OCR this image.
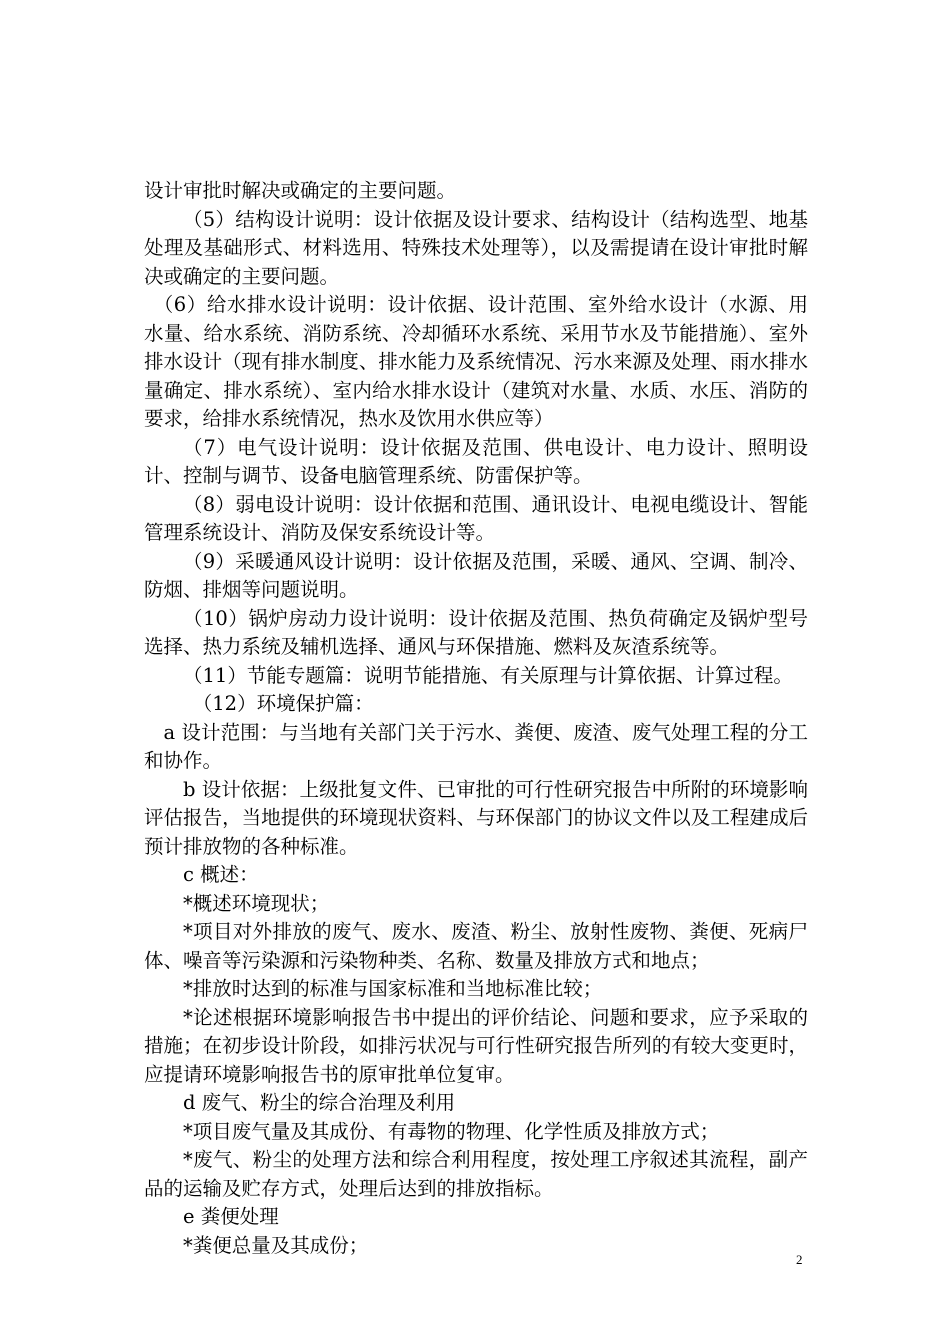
设计审批时解决或确定的主要问题。

（5）结构设计说明：设计依据及设计要求、结构设计（结构选型、地基处理及基础形式、材料选用、特殊技术处理等），以及需提请在设计审批时解决或确定的主要问题。

（6）给水排水设计说明：设计依据、设计范围、室外给水设计（水源、用水量、给水系统、消防系统、冷却循环水系统、采用节水及节能措施）、室外排水设计（现有排水制度、排水能力及系统情况、污水来源及处理、雨水排水量确定、排水系统）、室内给水排水设计（建筑对水量、水质、水压、消防的要求，给排水系统情况，热水及饮用水供应等）

（7）电气设计说明：设计依据及范围、供电设计、电力设计、照明设计、控制与调节、设备电脑管理系统、防雷保护等。

（8）弱电设计说明：设计依据和范围、通讯设计、电视电缆设计、智能管理系统设计、消防及保安系统设计等。

（9）采暖通风设计说明：设计依据及范围，采暖、通风、空调、制冷、防烟、排烟等问题说明。

（10）锅炉房动力设计说明：设计依据及范围、热负荷确定及锅炉型号选择、热力系统及辅机选择、通风与环保措施、燃料及灰渣系统等。

（11）节能专题篇：说明节能措施、有关原理与计算依据、计算过程。

（12）环境保护篇：

a 设计范围：与当地有关部门关于污水、粪便、废渣、废气处理工程的分工和协作。

b 设计依据：上级批复文件、已审批的可行性研究报告中所附的环境影响评估报告，当地提供的环境现状资料、与环保部门的协议文件以及工程建成后预计排放物的各种标准。

c 概述：

*概述环境现状；

*项目对外排放的废气、废水、废渣、粉尘、放射性废物、粪便、死病尸体、噪音等污染源和污染物种类、名称、数量及排放方式和地点；

*排放时达到的标准与国家标准和当地标准比较；

*论述根据环境影响报告书中提出的评价结论、问题和要求，应予采取的措施；在初步设计阶段，如排污状况与可行性研究报告所列的有较大变更时，应提请环境影响报告书的原审批单位复审。

d 废气、粉尘的综合治理及利用

*项目废气量及其成份、有毒物的物理、化学性质及排放方式；

*废气、粉尘的处理方法和综合利用程度，按处理工序叙述其流程，副产品的运输及贮存方式，处理后达到的排放指标。

e 粪便处理

*粪便总量及其成份；

2
